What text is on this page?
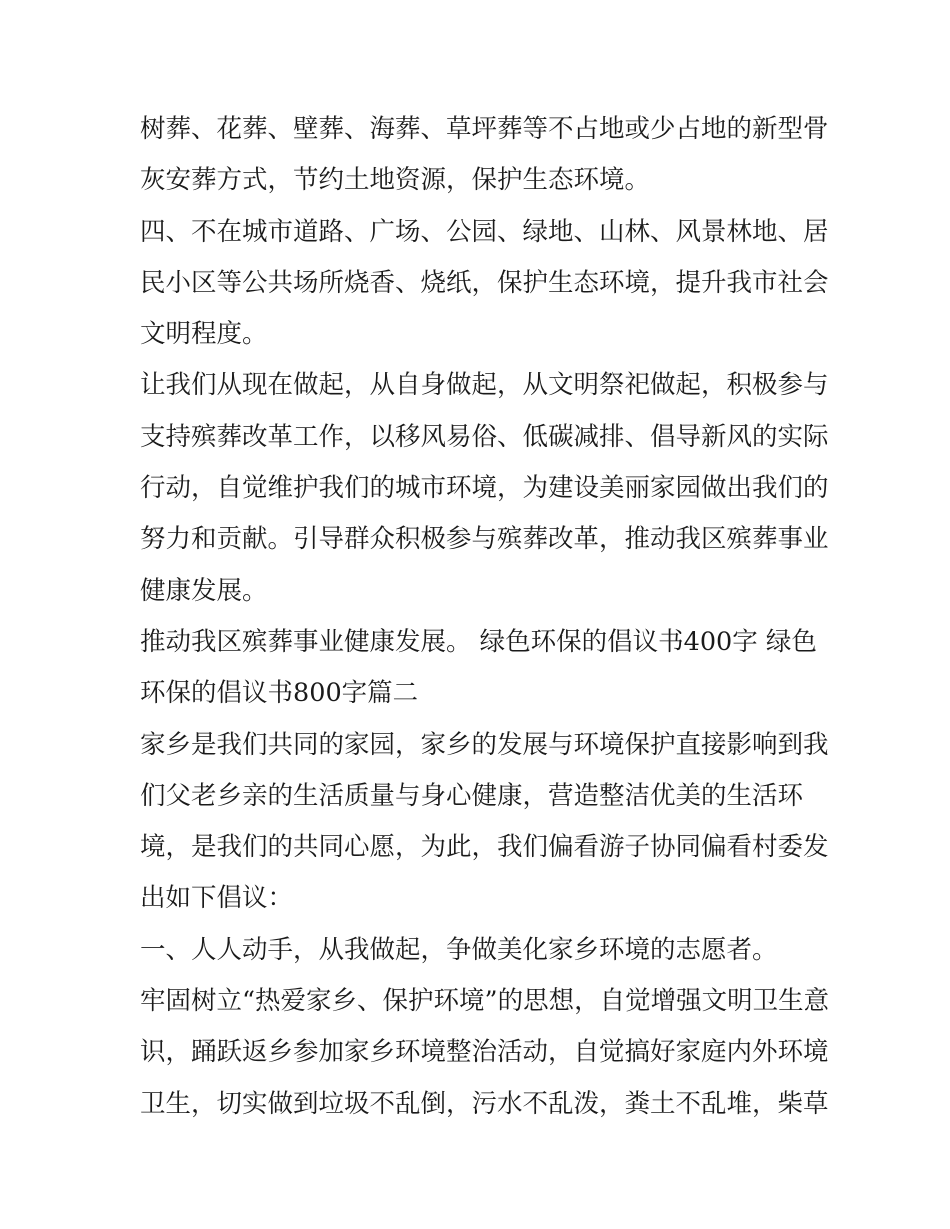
树葬、花葬、壁葬、海葬、草坪葬等不占地或少占地的新型骨
灰安葬方式，节约土地资源，保护生态环境。
四、不在城市道路、广场、公园、绿地、山林、风景林地、居
民小区等公共场所烧香、烧纸，保护生态环境，提升我市社会
文明程度。
让我们从现在做起，从自身做起，从文明祭祀做起，积极参与
支持殡葬改革工作，以移风易俗、低碳减排、倡导新风的实际
行动，自觉维护我们的城市环境，为建设美丽家园做出我们的
努力和贡献。引导群众积极参与殡葬改革，推动我区殡葬事业
健康发展。
推动我区殡葬事业健康发展。 绿色环保的倡议书400字 绿色
环保的倡议书800字篇二
家乡是我们共同的家园，家乡的发展与环境保护直接影响到我
们父老乡亲的生活质量与身心健康，营造整洁优美的生活环
境，是我们的共同心愿，为此，我们偏看游子协同偏看村委发
出如下倡议：
一、人人动手，从我做起，争做美化家乡环境的志愿者。
牢固树立“热爱家乡、保护环境”的思想，自觉增强文明卫生意
识，踊跃返乡参加家乡环境整治活动，自觉搞好家庭内外环境
卫生，切实做到垃圾不乱倒，污水不乱泼，粪土不乱堆，柴草
